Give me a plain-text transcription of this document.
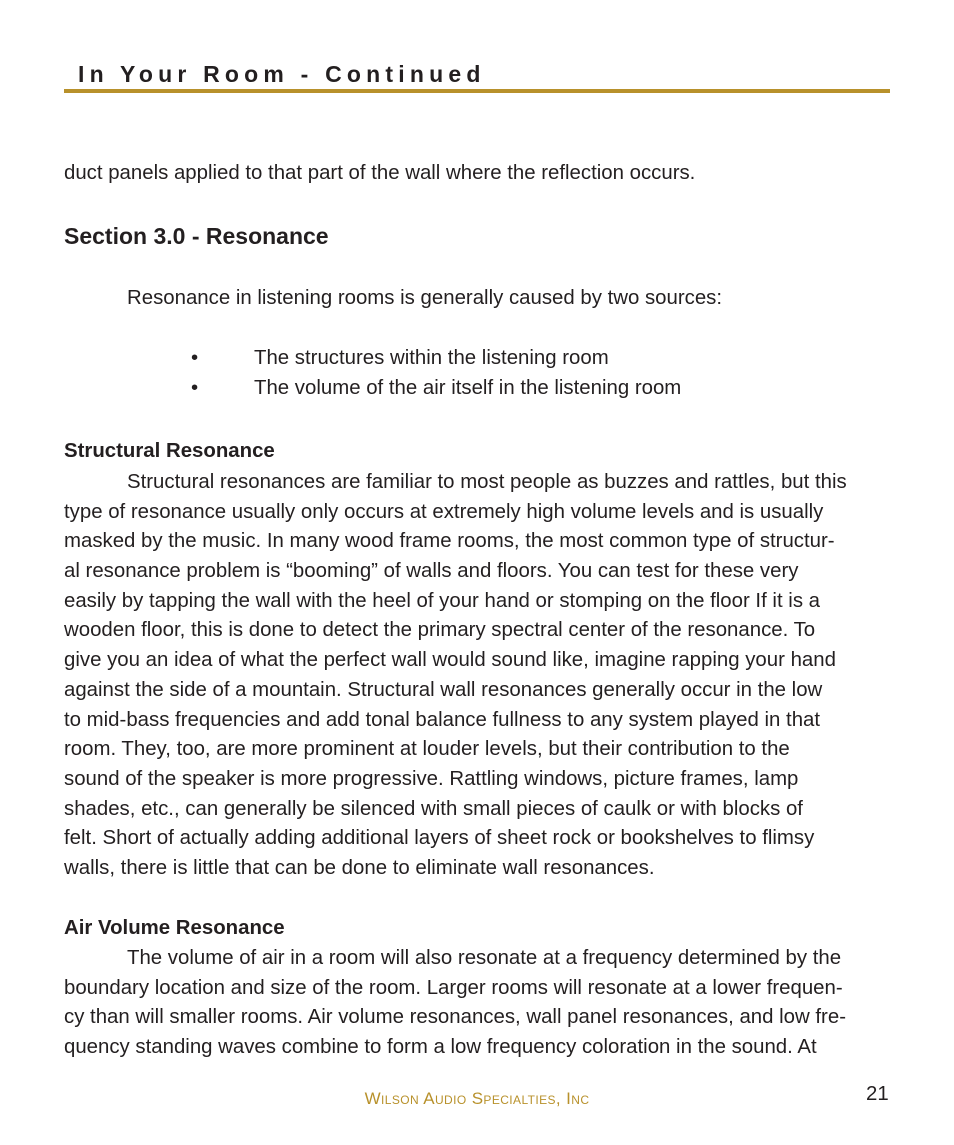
In Your Room - Continued
duct panels applied to that part of the wall where the reflection occurs.
Section 3.0 - Resonance
Resonance in listening rooms is generally caused by two sources:
•	The structures within the listening room
•	The volume of the air itself in the listening room
Structural Resonance
Structural resonances are familiar to most people as buzzes and rattles, but this
type of resonance usually only occurs at extremely high volume levels and is usually
masked by the music. In many wood frame rooms, the most common type of structur-
al resonance problem is “booming” of walls and floors. You can test for these very
easily by tapping the wall with the heel of your hand or stomping on the floor If it is a
wooden floor, this is done to detect the primary spectral center of the resonance. To
give you an idea of what the perfect wall would sound like, imagine rapping your hand
against the side of a mountain. Structural wall resonances generally occur in the low
to mid-bass frequencies and add tonal balance fullness to any system played in that
room. They, too, are more prominent at louder levels, but their contribution to the
sound of the speaker is more progressive. Rattling windows, picture frames, lamp
shades, etc., can generally be silenced with small pieces of caulk or with blocks of
felt. Short of actually adding additional layers of sheet rock or bookshelves to flimsy
walls, there is little that can be done to eliminate wall resonances.
Air Volume Resonance
The volume of air in a room will also resonate at a frequency determined by the
boundary location and size of the room. Larger rooms will resonate at a lower frequen-
cy than will smaller rooms. Air volume resonances, wall panel resonances, and low fre-
quency standing waves combine to form a low frequency coloration in the sound. At
Wilson Audio Specialties, Inc	21
